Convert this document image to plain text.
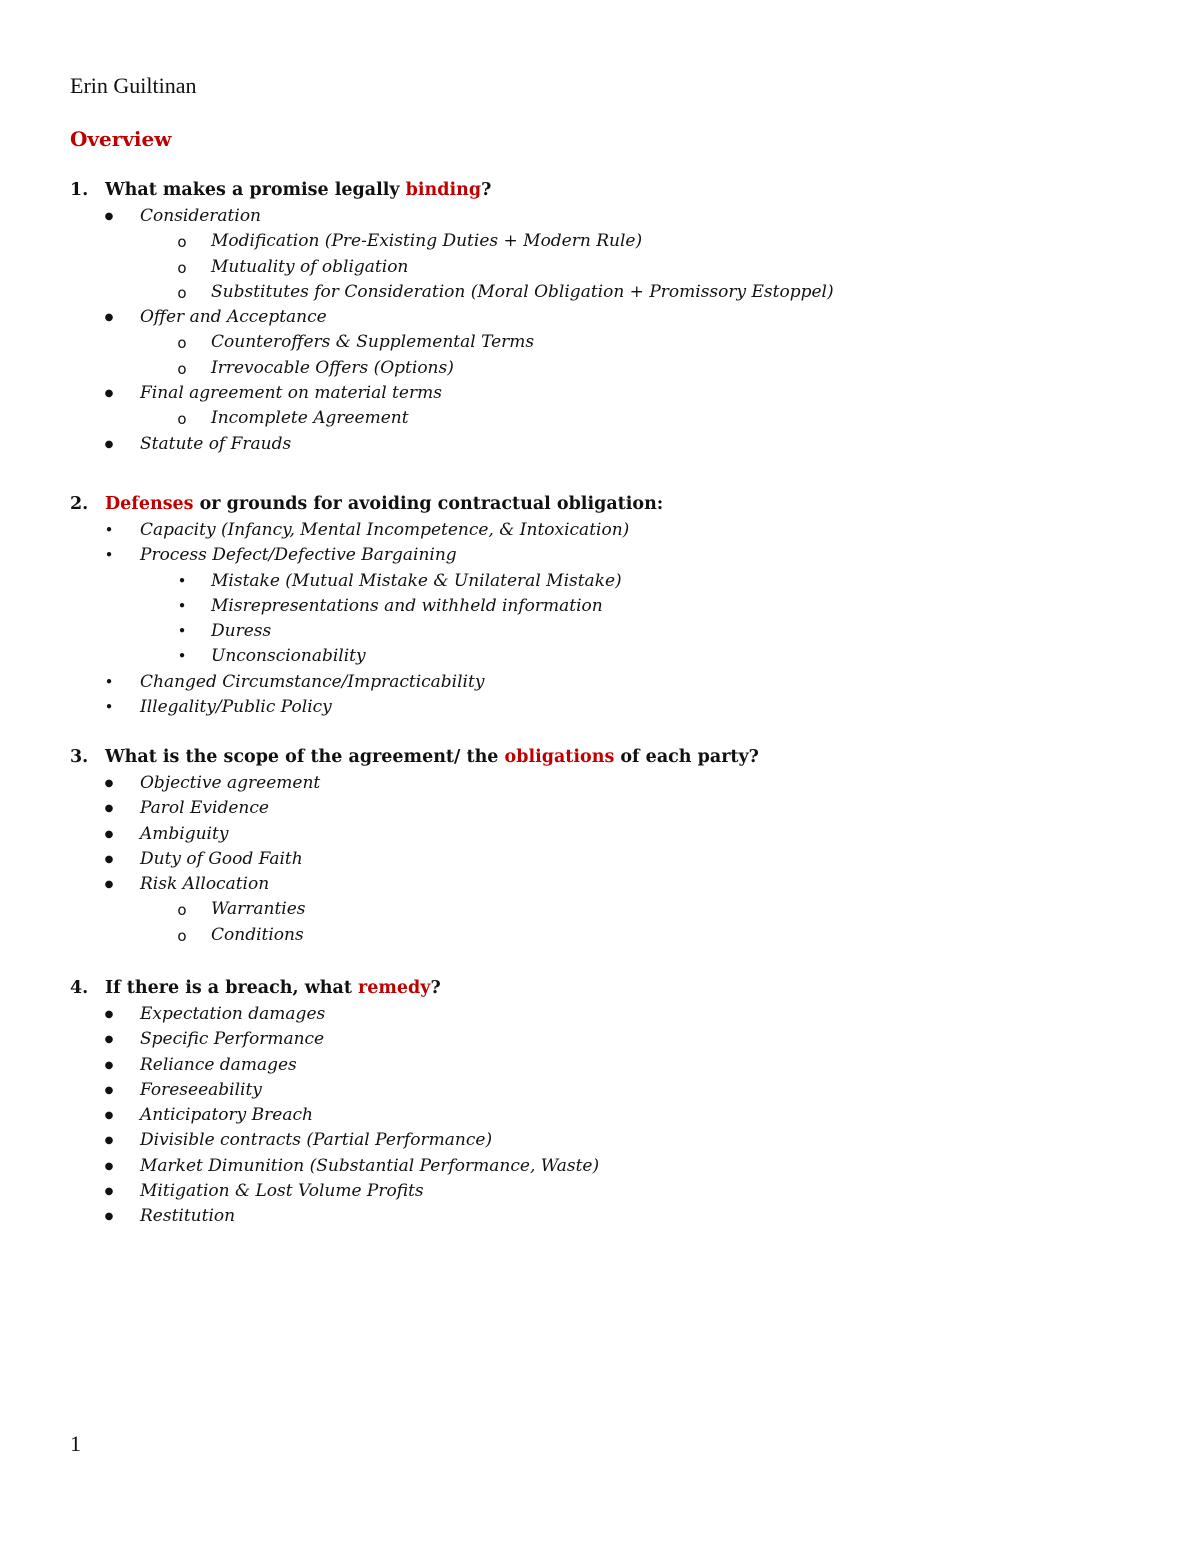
Erin Guiltinan

Overview

1. What makes a promise legally binding?
●
Consideration
o
Modification (Pre-Existing Duties + Modern Rule)
o
Mutuality of obligation
o
Substitutes for Consideration (Moral Obligation + Promissory Estoppel)
●
Offer and Acceptance
o
Counteroffers & Supplemental Terms
o
Irrevocable Offers (Options)
●
Final agreement on material terms
o
Incomplete Agreement
●
Statute of Frauds
2. Defenses or grounds for avoiding contractual obligation:
•
Capacity (Infancy, Mental Incompetence, & Intoxication)
•
Process Defect/Defective Bargaining
•
Mistake (Mutual Mistake & Unilateral Mistake)
•
Misrepresentations and withheld information
•
Duress
•
Unconscionability
•
Changed Circumstance/Impracticability
•
Illegality/Public Policy
3. What is the scope of the agreement/ the obligations of each party?
●
Objective agreement
●
Parol Evidence
●
Ambiguity
●
Duty of Good Faith
●
Risk Allocation
o
Warranties
o
Conditions
4. If there is a breach, what remedy?
●
Expectation damages
●
Specific Performance
●
Reliance damages
●
Foreseeability
●
Anticipatory Breach
●
Divisible contracts (Partial Performance)
●
Market Dimunition (Substantial Performance, Waste)
●
Mitigation & Lost Volume Profits
●
Restitution

1
